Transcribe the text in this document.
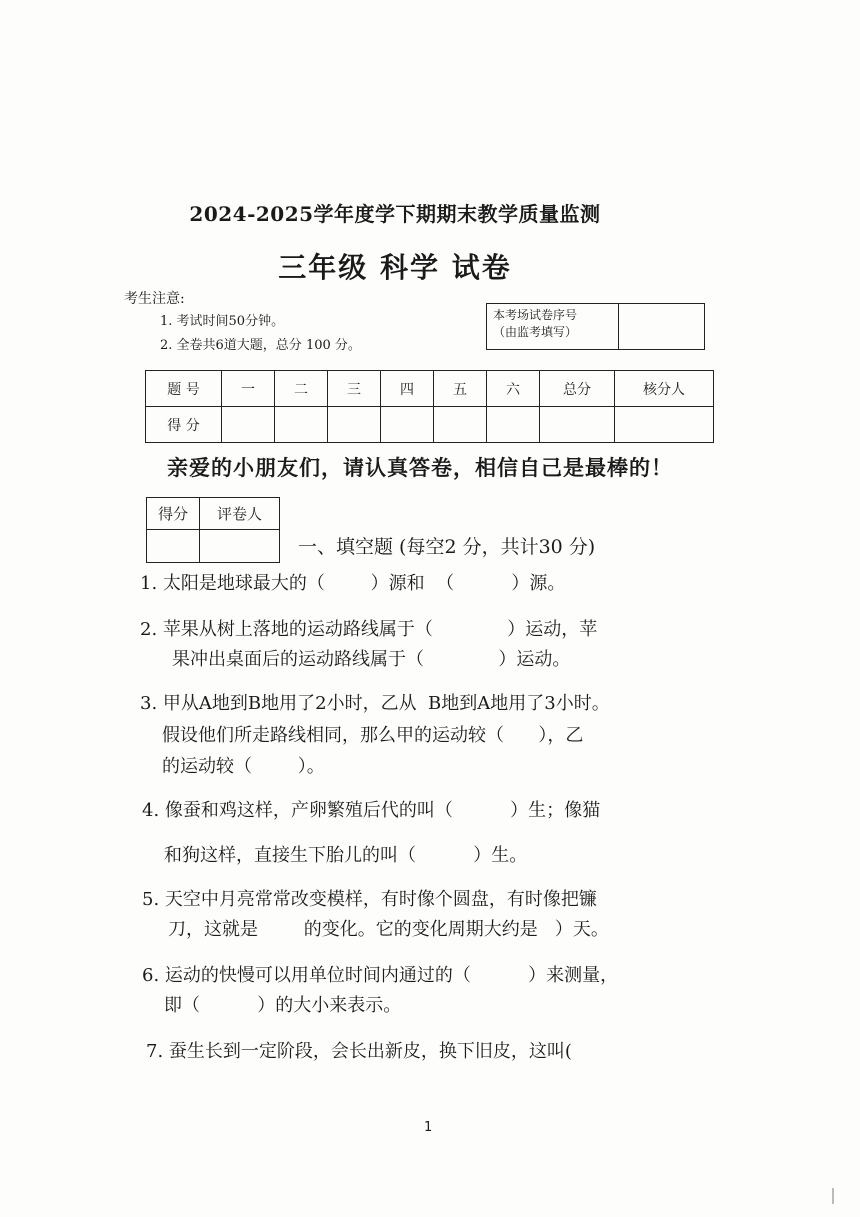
2024-2025学年度学下期期末教学质量监测
三年级 科学 试卷
考生注意:
1. 考试时间50分钟。
2. 全卷共6道大题，总分 100 分。
本考场试卷序号
（由监考填写）
题 号	一	二	三	四	五	六	总分	核分人
得 分								
亲爱的小朋友们，请认真答卷，相信自己是最棒的！
得分	评卷人

一、填空题 (每空2 分，共计30 分)
1. 太阳是地球最大的（        ）源和  （          ）源。
2. 苹果从树上落地的运动路线属于（             ）运动，苹
果冲出桌面后的运动路线属于（             ）运动。
3. 甲从A地到B地用了2小时，乙从  B地到A地用了3小时。
假设他们所走路线相同，那么甲的运动较（      ），乙
的运动较（        ）。
4. 像蚕和鸡这样，产卵繁殖后代的叫（          ）生；像猫
和狗这样，直接生下胎儿的叫（          ）生。
5. 天空中月亮常常改变模样，有时像个圆盘，有时像把镰
刀，这就是        的变化。它的变化周期大约是   ）天。
6. 运动的快慢可以用单位时间内通过的（          ）来测量，
即（          ）的大小来表示。
7. 蚕生长到一定阶段，会长出新皮，换下旧皮，这叫(
1
